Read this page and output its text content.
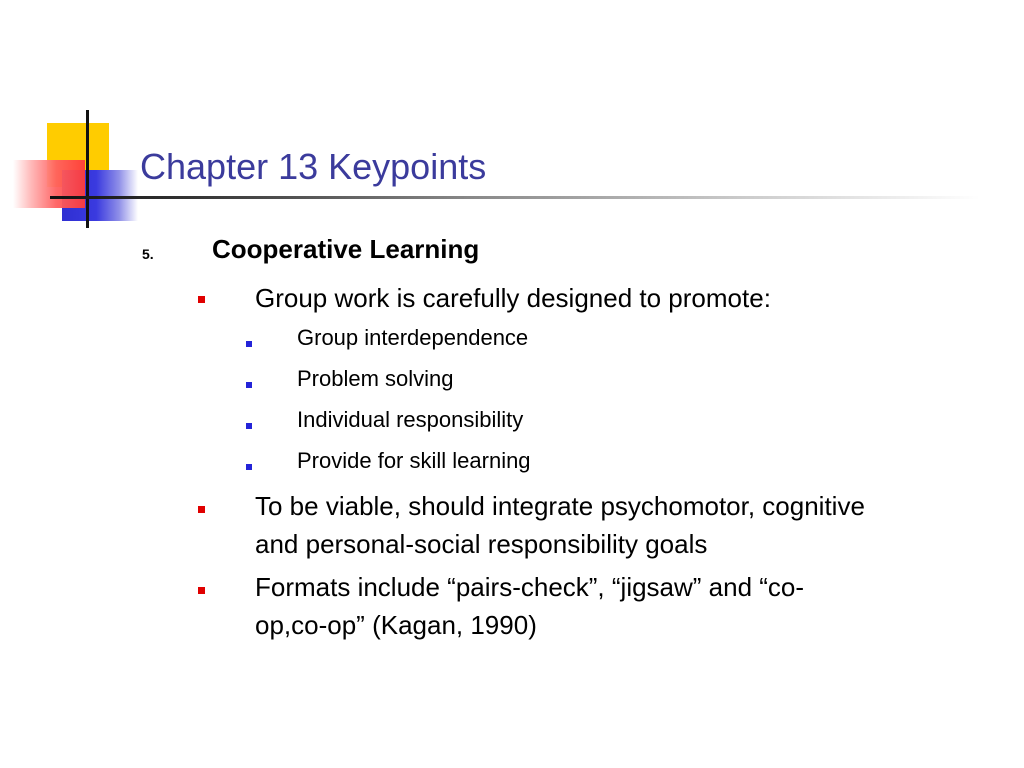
Chapter 13 Keypoints
5. Cooperative Learning
Group work is carefully designed to promote:
Group interdependence
Problem solving
Individual responsibility
Provide for skill learning
To be viable, should integrate psychomotor, cognitive
and personal-social responsibility goals
Formats include “pairs-check”, “jigsaw” and “co-
op,co-op” (Kagan, 1990)
